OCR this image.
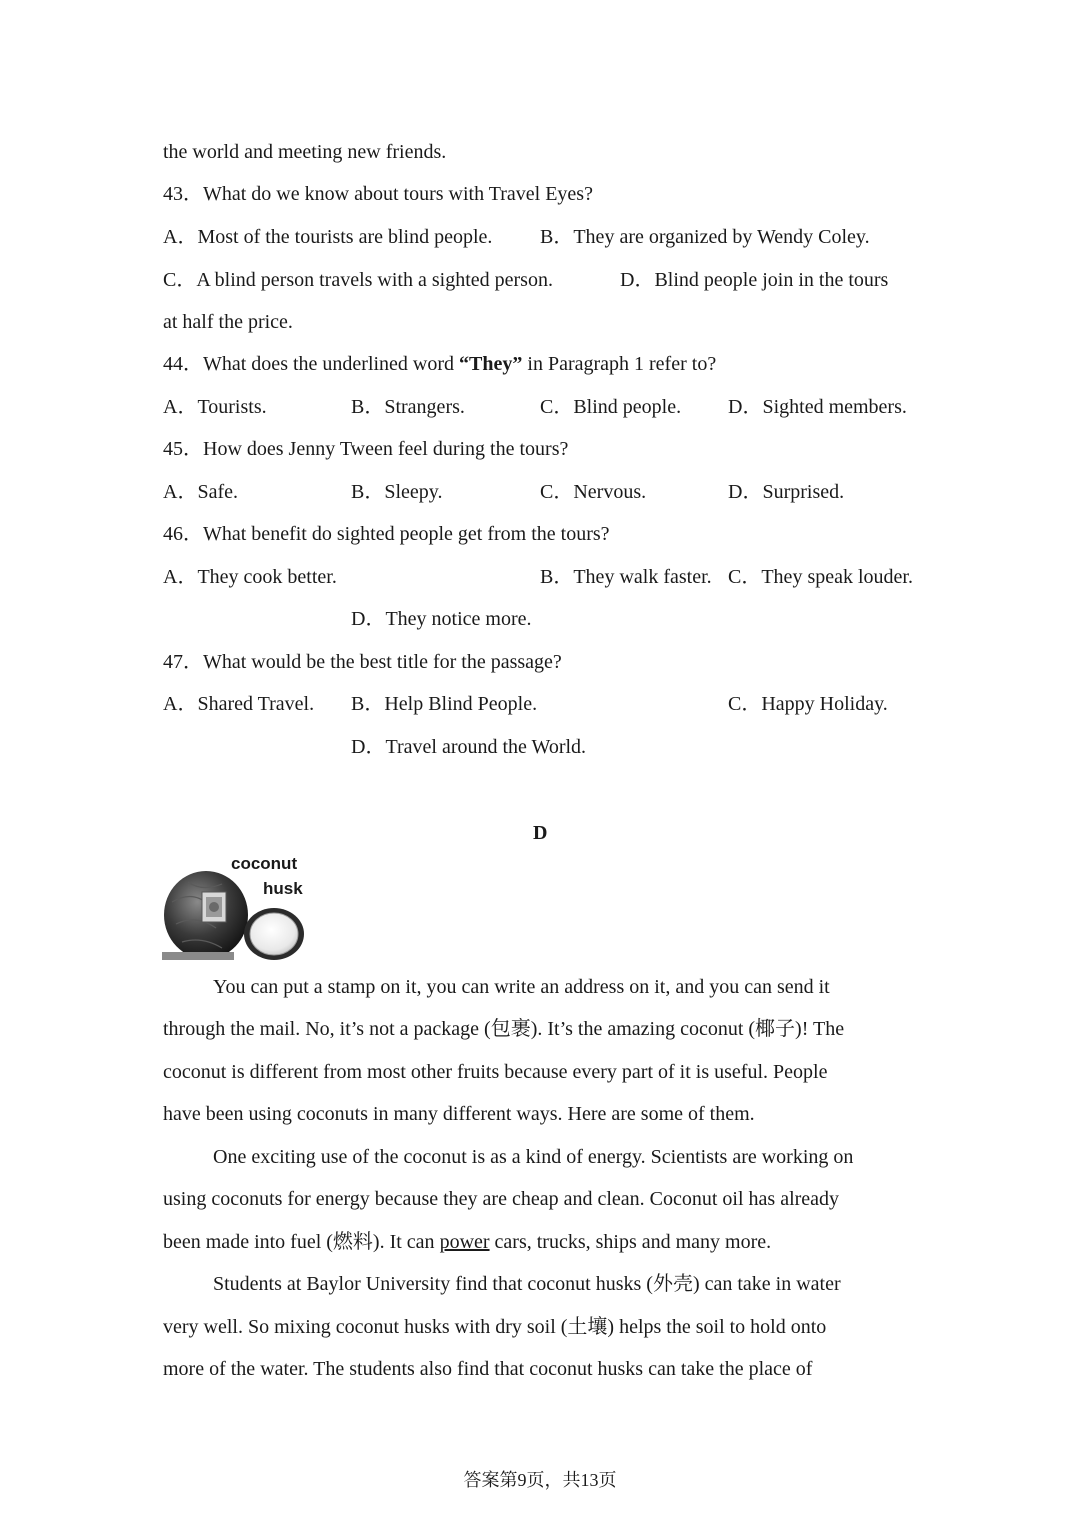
the world and meeting new friends.
43．What do we know about tours with Travel Eyes?
A．Most of the tourists are blind people. B．They are organized by Wendy Coley.
C．A blind person travels with a sighted person.	D．Blind people join in the tours
at half the price.
44．What does the underlined word “They” in Paragraph 1 refer to?
A．Tourists.	B．Strangers.	C．Blind people. D．Sighted members.
45．How does Jenny Tween feel during the tours?
A．Safe.	B．Sleepy.	C．Nervous.	D．Surprised.
46．What benefit do sighted people get from the tours?
A．They cook better.	B．They walk faster. C．They speak louder.
D．They notice more.
47．What would be the best title for the passage?
A．Shared Travel. B．Help Blind People.	C．Happy Holiday.
D．Travel around the World.
D
coconut
husk
You can put a stamp on it, you can write an address on it, and you can send it
through the mail. No, it’s not a package (包裹). It’s the amazing coconut (椰子)! The
coconut is different from most other fruits because every part of it is useful. People
have been using coconuts in many different ways. Here are some of them.
One exciting use of the coconut is as a kind of energy. Scientists are working on
using coconuts for energy because they are cheap and clean. Coconut oil has already
been made into fuel (燃料). It can power cars, trucks, ships and many more.
Students at Baylor University find that coconut husks (外壳) can take in water
very well. So mixing coconut husks with dry soil (土壤) helps the soil to hold onto
more of the water. The students also find that coconut husks can take the place of
答案第9页，共13页
